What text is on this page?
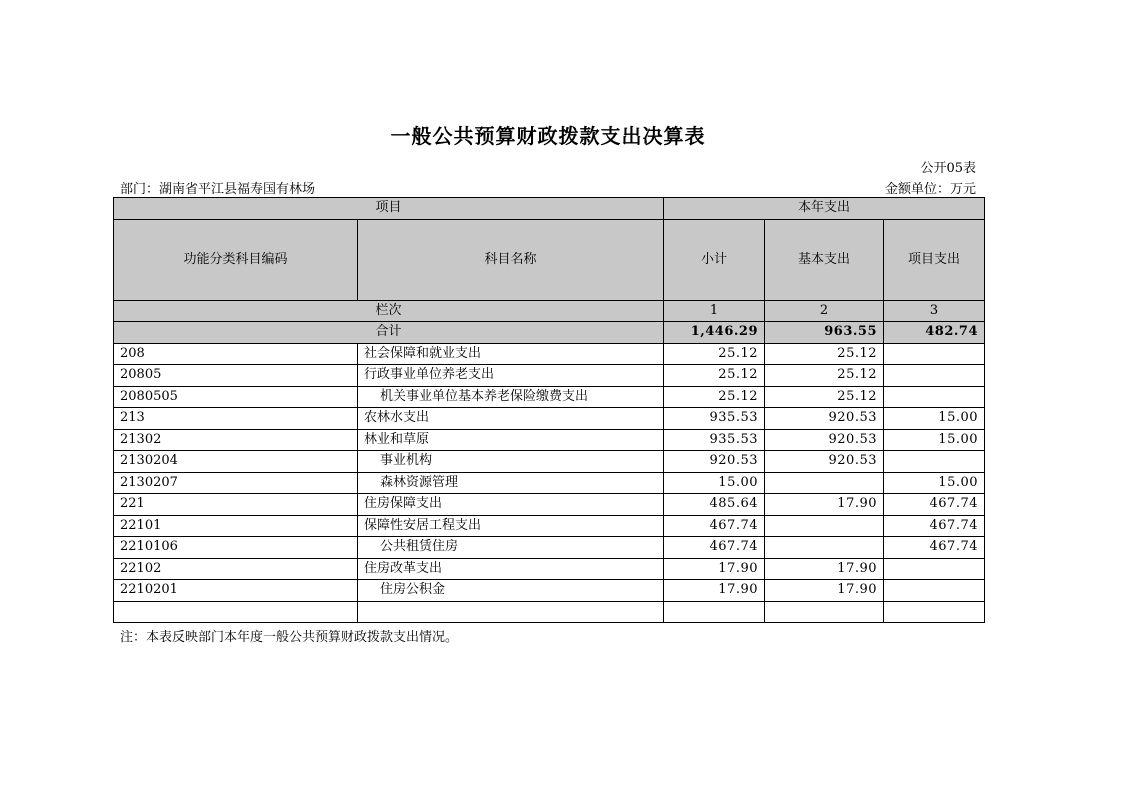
一般公共预算财政拨款支出决算表
公开05表
部门：湖南省平江县福寿国有林场	金额单位：万元
项目		本年支出		
功能分类科目编码	科目名称	小计	基本支出	项目支出
栏次		1	2	3
合计		1,446.29	963.55	482.74
208	社会保障和就业支出	25.12	25.12	
20805	行政事业单位养老支出	25.12	25.12	
2080505	机关事业单位基本养老保险缴费支出	25.12	25.12	
213	农林水支出	935.53	920.53	15.00
21302	林业和草原	935.53	920.53	15.00
2130204	事业机构	920.53	920.53	
2130207	森林资源管理	15.00		15.00
221	住房保障支出	485.64	17.90	467.74
22101	保障性安居工程支出	467.74		467.74
2210106	公共租赁住房	467.74		467.74
22102	住房改革支出	17.90	17.90	
2210201	住房公积金	17.90	17.90	

注：本表反映部门本年度一般公共预算财政拨款支出情况。
